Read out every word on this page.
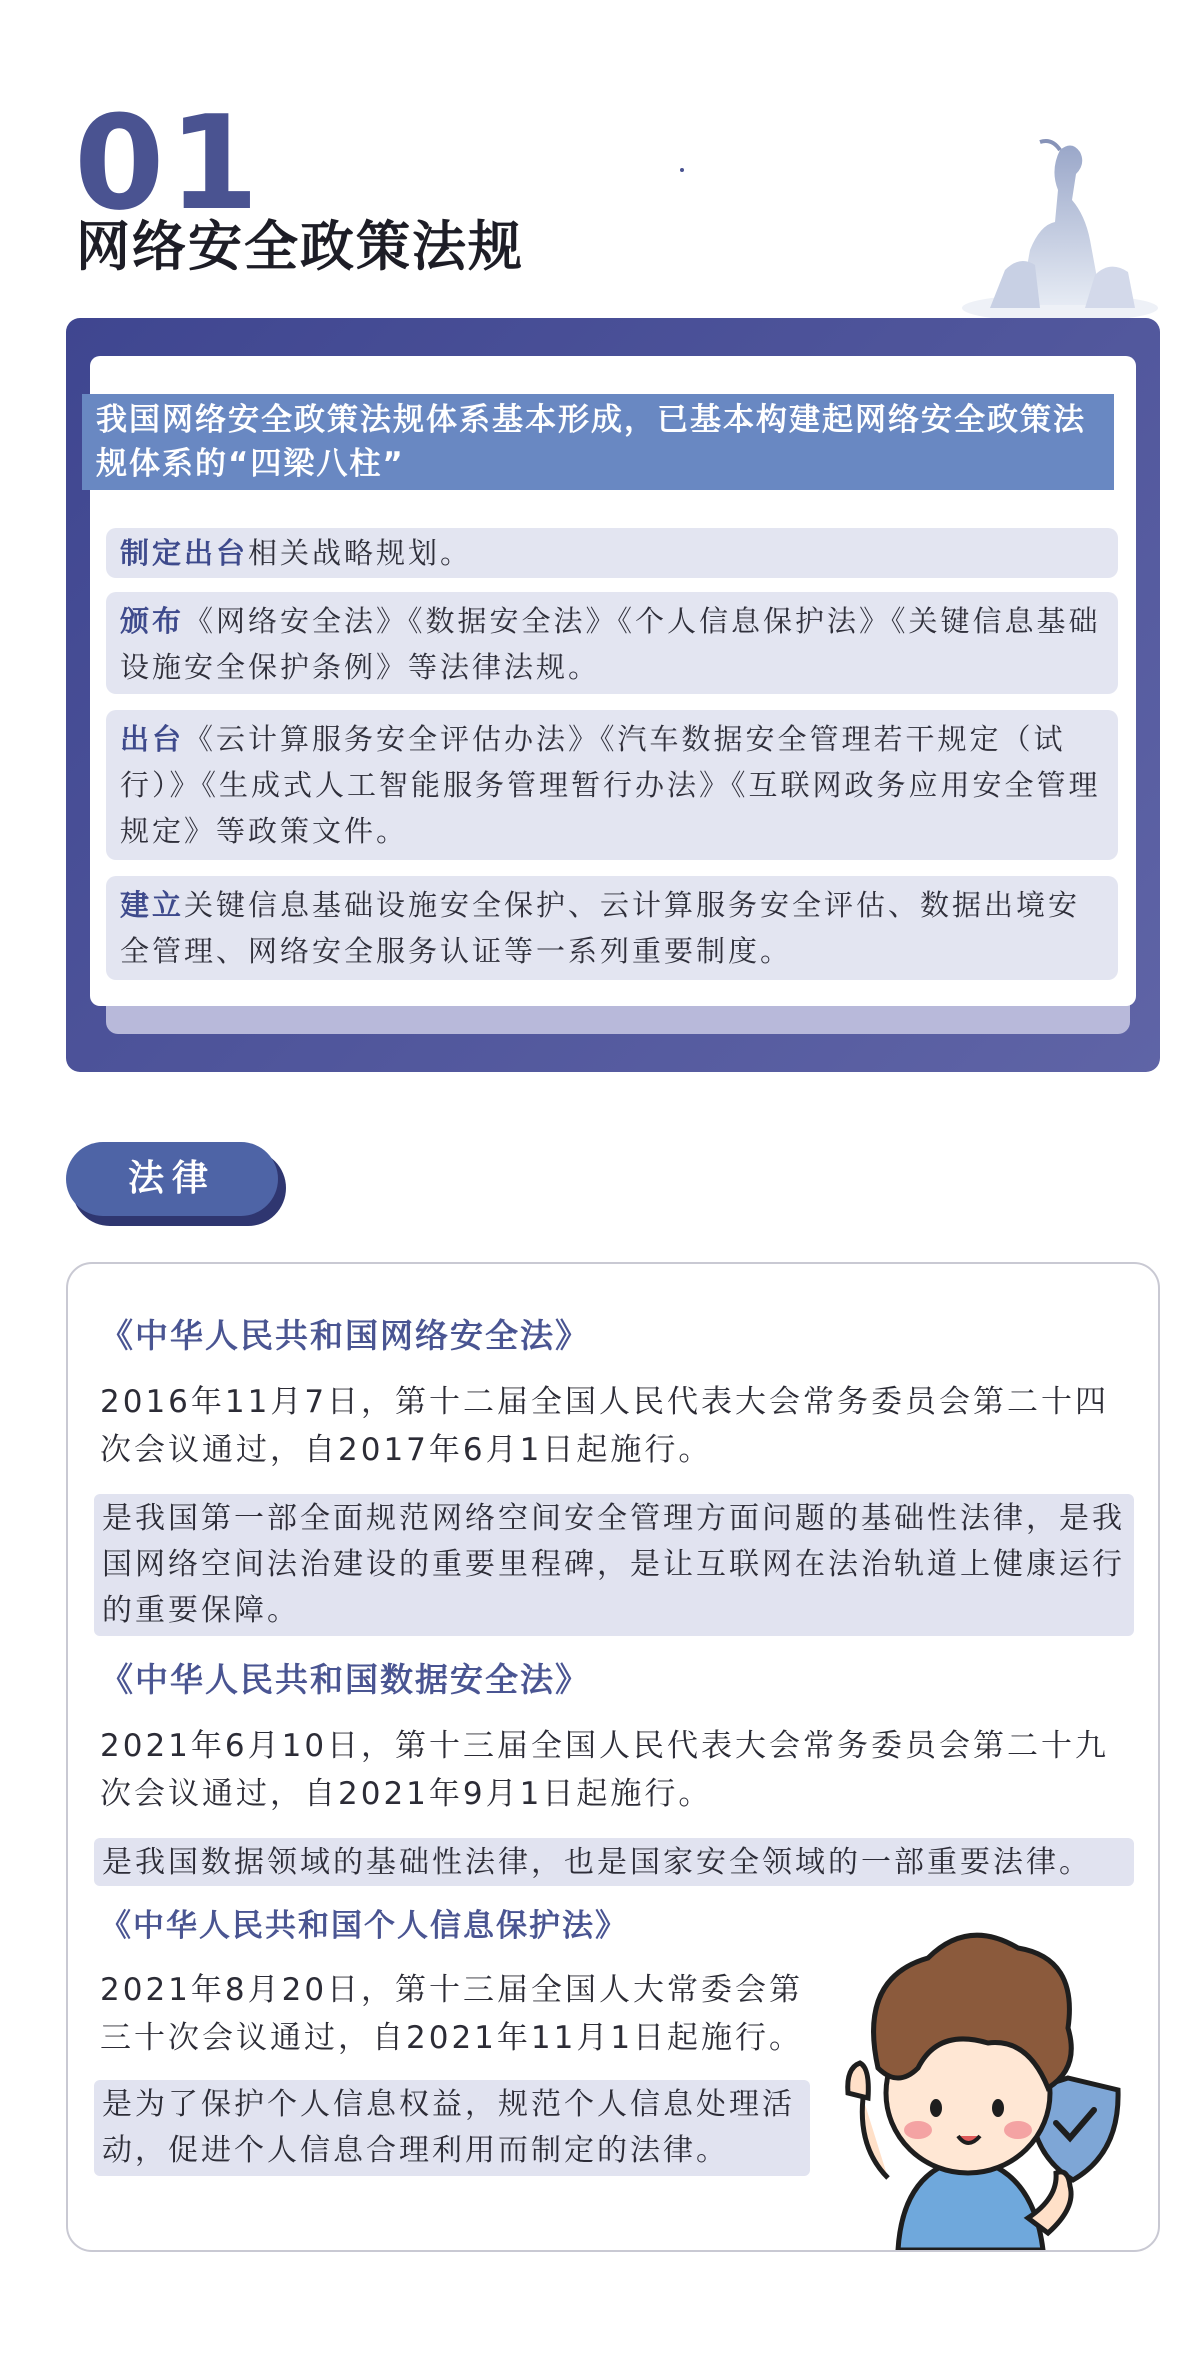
01
网络安全政策法规
我国网络安全政策法规体系基本形成，已基本构建起网络安全政策法规体系的“四梁八柱”
制定出台相关战略规划。
颁布《网络安全法》《数据安全法》《个人信息保护法》《关键信息基础设施安全保护条例》等法律法规。
出台《云计算服务安全评估办法》《汽车数据安全管理若干规定（试行）》《生成式人工智能服务管理暂行办法》《互联网政务应用安全管理规定》等政策文件。
建立关键信息基础设施安全保护、云计算服务安全评估、数据出境安全管理、网络安全服务认证等一系列重要制度。
法律
《中华人民共和国网络安全法》
2016年11月7日，第十二届全国人民代表大会常务委员会第二十四次会议通过，自2017年6月1日起施行。
是我国第一部全面规范网络空间安全管理方面问题的基础性法律，是我国网络空间法治建设的重要里程碑，是让互联网在法治轨道上健康运行的重要保障。
《中华人民共和国数据安全法》
2021年6月10日，第十三届全国人民代表大会常务委员会第二十九次会议通过，自2021年9月1日起施行。
是我国数据领域的基础性法律，也是国家安全领域的一部重要法律。
《中华人民共和国个人信息保护法》
2021年8月20日，第十三届全国人大常委会第三十次会议通过，自2021年11月1日起施行。
是为了保护个人信息权益，规范个人信息处理活动，促进个人信息合理利用而制定的法律。
